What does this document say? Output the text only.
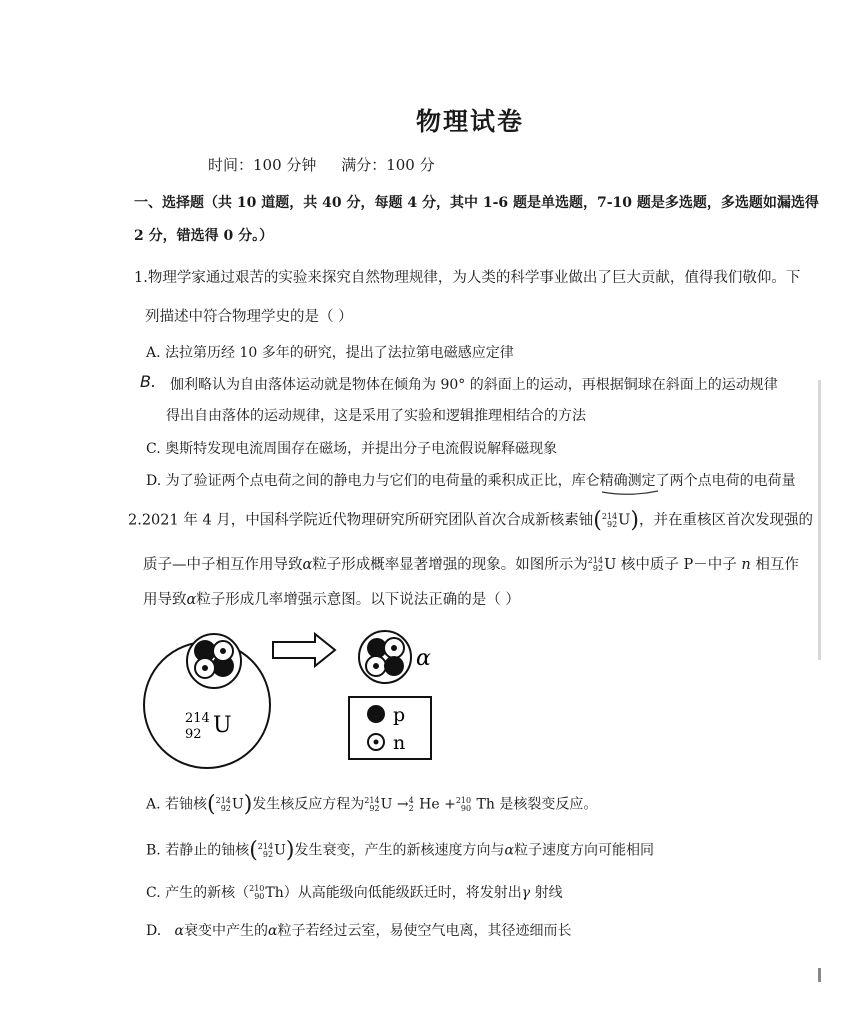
物理试卷
时间：100 分钟 满分：100 分
一、选择题（共 10 道题，共 40 分，每题 4 分，其中 1-6 题是单选题，7-10 题是多选题，多选题如漏选得
2 分，错选得 0 分。）
1.物理学家通过艰苦的实验来探究自然物理规律，为人类的科学事业做出了巨大贡献，值得我们敬仰。下
列描述中符合物理学史的是（ ）
A. 法拉第历经 10 多年的研究，提出了法拉第电磁感应定律
B. 伽利略认为自由落体运动就是物体在倾角为 90° 的斜面上的运动，再根据铜球在斜面上的运动规律
得出自由落体的运动规律，这是采用了实验和逻辑推理相结合的方法
C. 奥斯特发现电流周围存在磁场，并提出分子电流假说解释磁现象
D. 为了验证两个点电荷之间的静电力与它们的电荷量的乘积成正比，库仑精确测定了两个点电荷的电荷量
2.2021 年 4 月，中国科学院近代物理研究所研究团队首次合成新核素铀( 214
92 U)，并在重核区首次发现强的
质子—中子相互作用导致α粒子形成概率显著增强的现象。如图所示为 214
92 U 核中质子 P－中子 n 相互作
用导致α粒子形成几率增强示意图。以下说法正确的是（ ）
214
92 U
α
p
n
A. 若铀核( 214
92 U)发生核反应方程为 214
92 U → 4
2 He + 210
90 Th 是核裂变反应。
B. 若静止的铀核( 214
92 U)发生衰变，产生的新核速度方向与α粒子速度方向可能相同
C. 产生的新核（ 210
90 Th）从高能级向低能级跃迁时，将发射出γ 射线
D. α衰变中产生的α粒子若经过云室，易使空气电离，其径迹细而长
